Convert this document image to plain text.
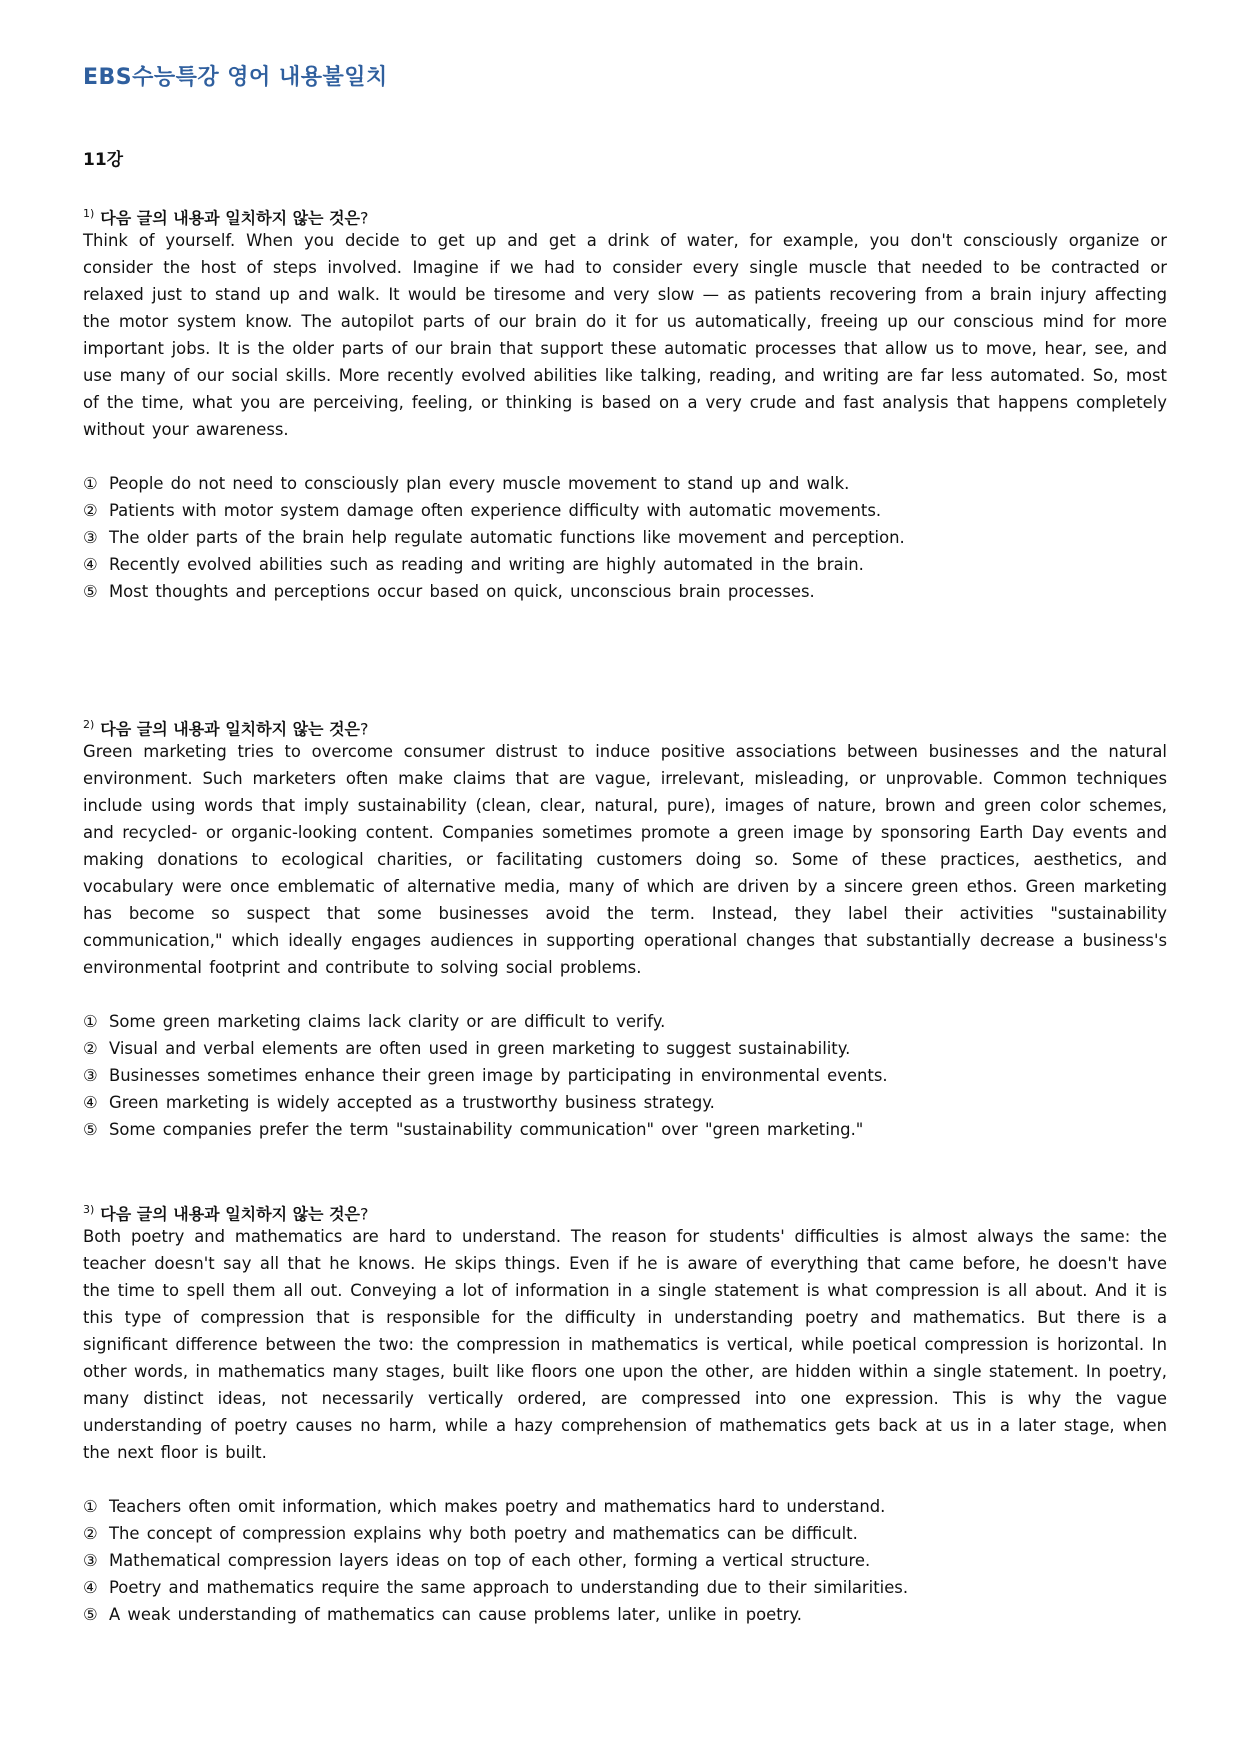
EBS수능특강 영어 내용불일치
11강
$^{1)}$ 다음 글의 내용과 일치하지 않는 것은?

Think of yourself. When you decide to get up and get a drink of water, for example, you don't consciously organize or consider the host of steps involved. Imagine if we had to consider every single muscle that needed to be contracted or relaxed just to stand up and walk. It would be tiresome and very slow — as patients recovering from a brain injury affecting the motor system know. The autopilot parts of our brain do it for us automatically, freeing up our conscious mind for more important jobs. It is the older parts of our brain that support these automatic processes that allow us to move, hear, see, and use many of our social skills. More recently evolved abilities like talking, reading, and writing are far less automated. So, most of the time, what you are perceiving, feeling, or thinking is based on a very crude and fast analysis that happens completely without your awareness.

① People do not need to consciously plan every muscle movement to stand up and walk.
② Patients with motor system damage often experience difficulty with automatic movements.
③ The older parts of the brain help regulate automatic functions like movement and perception.
④ Recently evolved abilities such as reading and writing are highly automated in the brain.
⑤ Most thoughts and perceptions occur based on quick, unconscious brain processes.
$^{2)}$ 다음 글의 내용과 일치하지 않는 것은?

Green marketing tries to overcome consumer distrust to induce positive associations between businesses and the natural environment. Such marketers often make claims that are vague, irrelevant, misleading, or unprovable. Common techniques include using words that imply sustainability (clean, clear, natural, pure), images of nature, brown and green color schemes, and recycled- or organic-looking content. Companies sometimes promote a green image by sponsoring Earth Day events and making donations to ecological charities, or facilitating customers doing so. Some of these practices, aesthetics, and vocabulary were once emblematic of alternative media, many of which are driven by a sincere green ethos. Green marketing has become so suspect that some businesses avoid the term. Instead, they label their activities "sustainability communication," which ideally engages audiences in supporting operational changes that substantially decrease a business's environmental footprint and contribute to solving social problems.

① Some green marketing claims lack clarity or are difficult to verify.
② Visual and verbal elements are often used in green marketing to suggest sustainability.
③ Businesses sometimes enhance their green image by participating in environmental events.
④ Green marketing is widely accepted as a trustworthy business strategy.
⑤ Some companies prefer the term "sustainability communication" over "green marketing."
$^{3)}$ 다음 글의 내용과 일치하지 않는 것은?

Both poetry and mathematics are hard to understand. The reason for students' difficulties is almost always the same: the teacher doesn't say all that he knows. He skips things. Even if he is aware of everything that came before, he doesn't have the time to spell them all out. Conveying a lot of information in a single statement is what compression is all about. And it is this type of compression that is responsible for the difficulty in understanding poetry and mathematics. But there is a significant difference between the two: the compression in mathematics is vertical, while poetical compression is horizontal. In other words, in mathematics many stages, built like floors one upon the other, are hidden within a single statement. In poetry, many distinct ideas, not necessarily vertically ordered, are compressed into one expression. This is why the vague understanding of poetry causes no harm, while a hazy comprehension of mathematics gets back at us in a later stage, when the next floor is built.

① Teachers often omit information, which makes poetry and mathematics hard to understand.
② The concept of compression explains why both poetry and mathematics can be difficult.
③ Mathematical compression layers ideas on top of each other, forming a vertical structure.
④ Poetry and mathematics require the same approach to understanding due to their similarities.
⑤ A weak understanding of mathematics can cause problems later, unlike in poetry.
